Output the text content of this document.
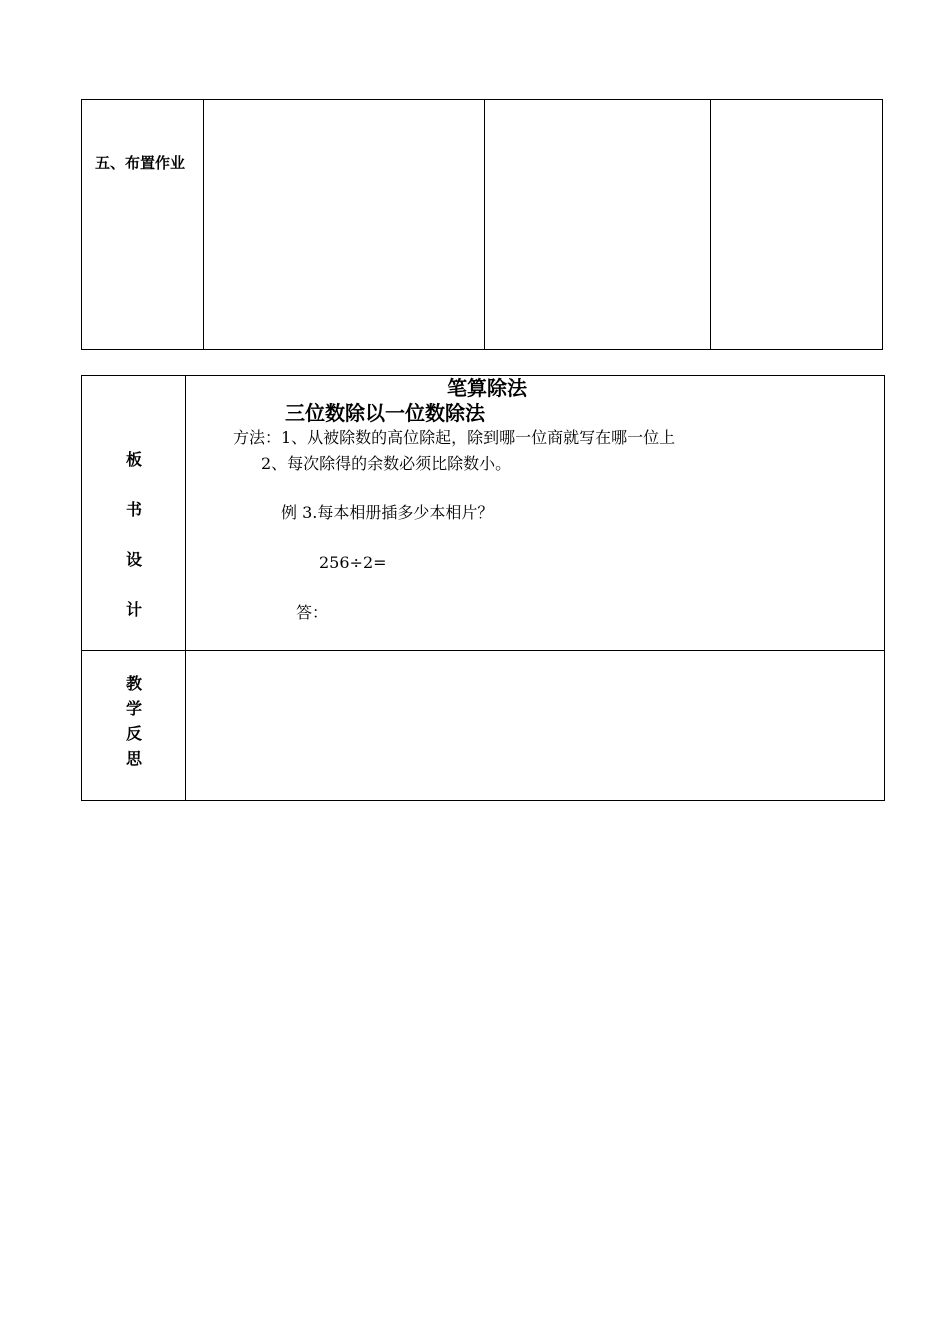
五、布置作业
板
书
设
计
笔算除法
三位数除以一位数除法
方法：1、从被除数的高位除起，除到哪一位商就写在哪一位上
2、每次除得的余数必须比除数小。
例 3.每本相册插多少本相片？
256÷2=
答：
教
学
反
思
